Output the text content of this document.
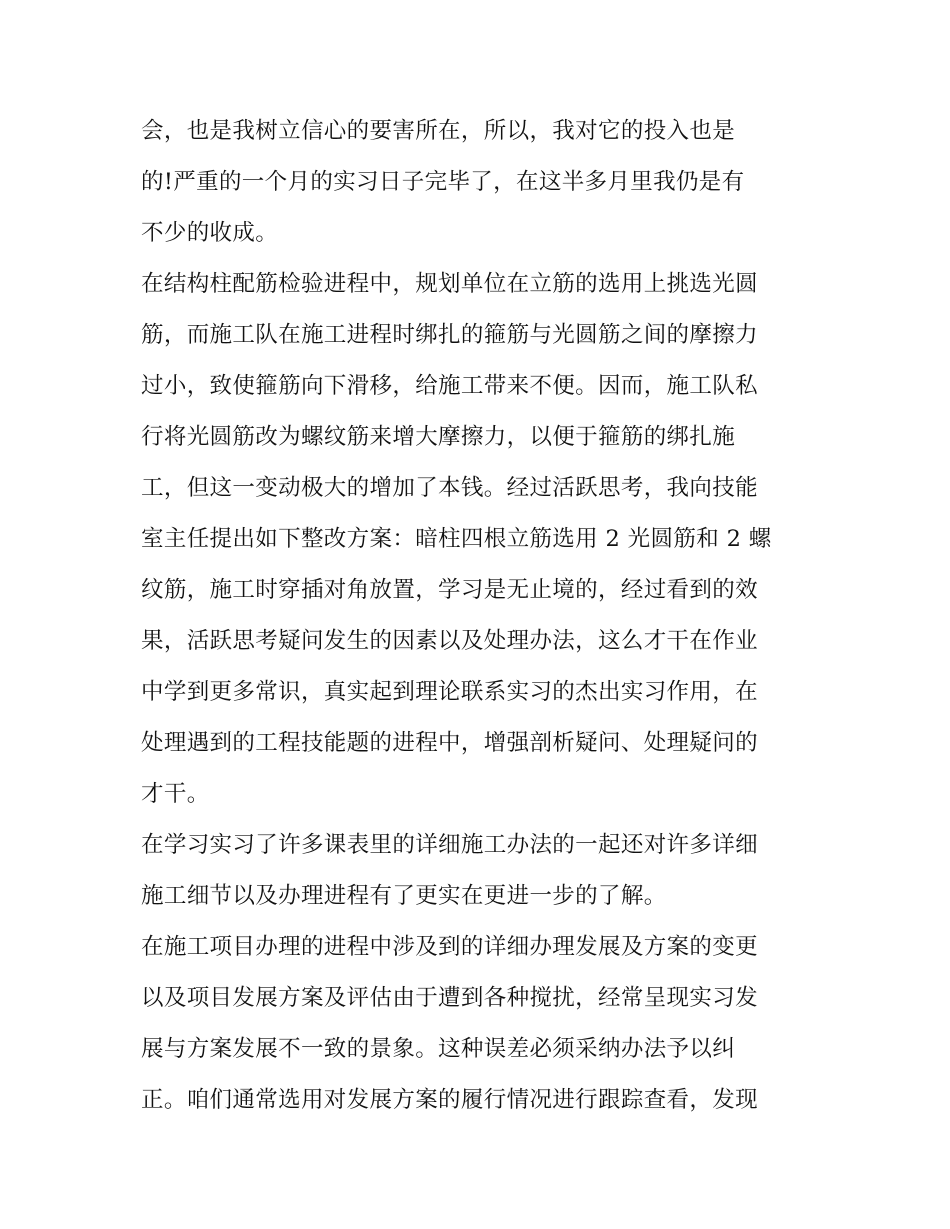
会，也是我树立信心的要害所在，所以，我对它的投入也是
的!严重的一个月的实习日子完毕了，在这半多月里我仍是有
不少的收成。
在结构柱配筋检验进程中，规划单位在立筋的选用上挑选光圆
筋，而施工队在施工进程时绑扎的箍筋与光圆筋之间的摩擦力
过小，致使箍筋向下滑移，给施工带来不便。因而，施工队私
行将光圆筋改为螺纹筋来增大摩擦力，以便于箍筋的绑扎施
工，但这一变动极大的增加了本钱。经过活跃思考，我向技能
室主任提出如下整改方案：暗柱四根立筋选用 2 光圆筋和 2 螺
纹筋，施工时穿插对角放置，学习是无止境的，经过看到的效
果，活跃思考疑问发生的因素以及处理办法，这么才干在作业
中学到更多常识，真实起到理论联系实习的杰出实习作用，在
处理遇到的工程技能题的进程中，增强剖析疑问、处理疑问的
才干。
在学习实习了许多课表里的详细施工办法的一起还对许多详细
施工细节以及办理进程有了更实在更进一步的了解。
在施工项目办理的进程中涉及到的详细办理发展及方案的变更
以及项目发展方案及评估由于遭到各种搅扰，经常呈现实习发
展与方案发展不一致的景象。这种误差必须采纳办法予以纠
正。咱们通常选用对发展方案的履行情况进行跟踪查看，发现
